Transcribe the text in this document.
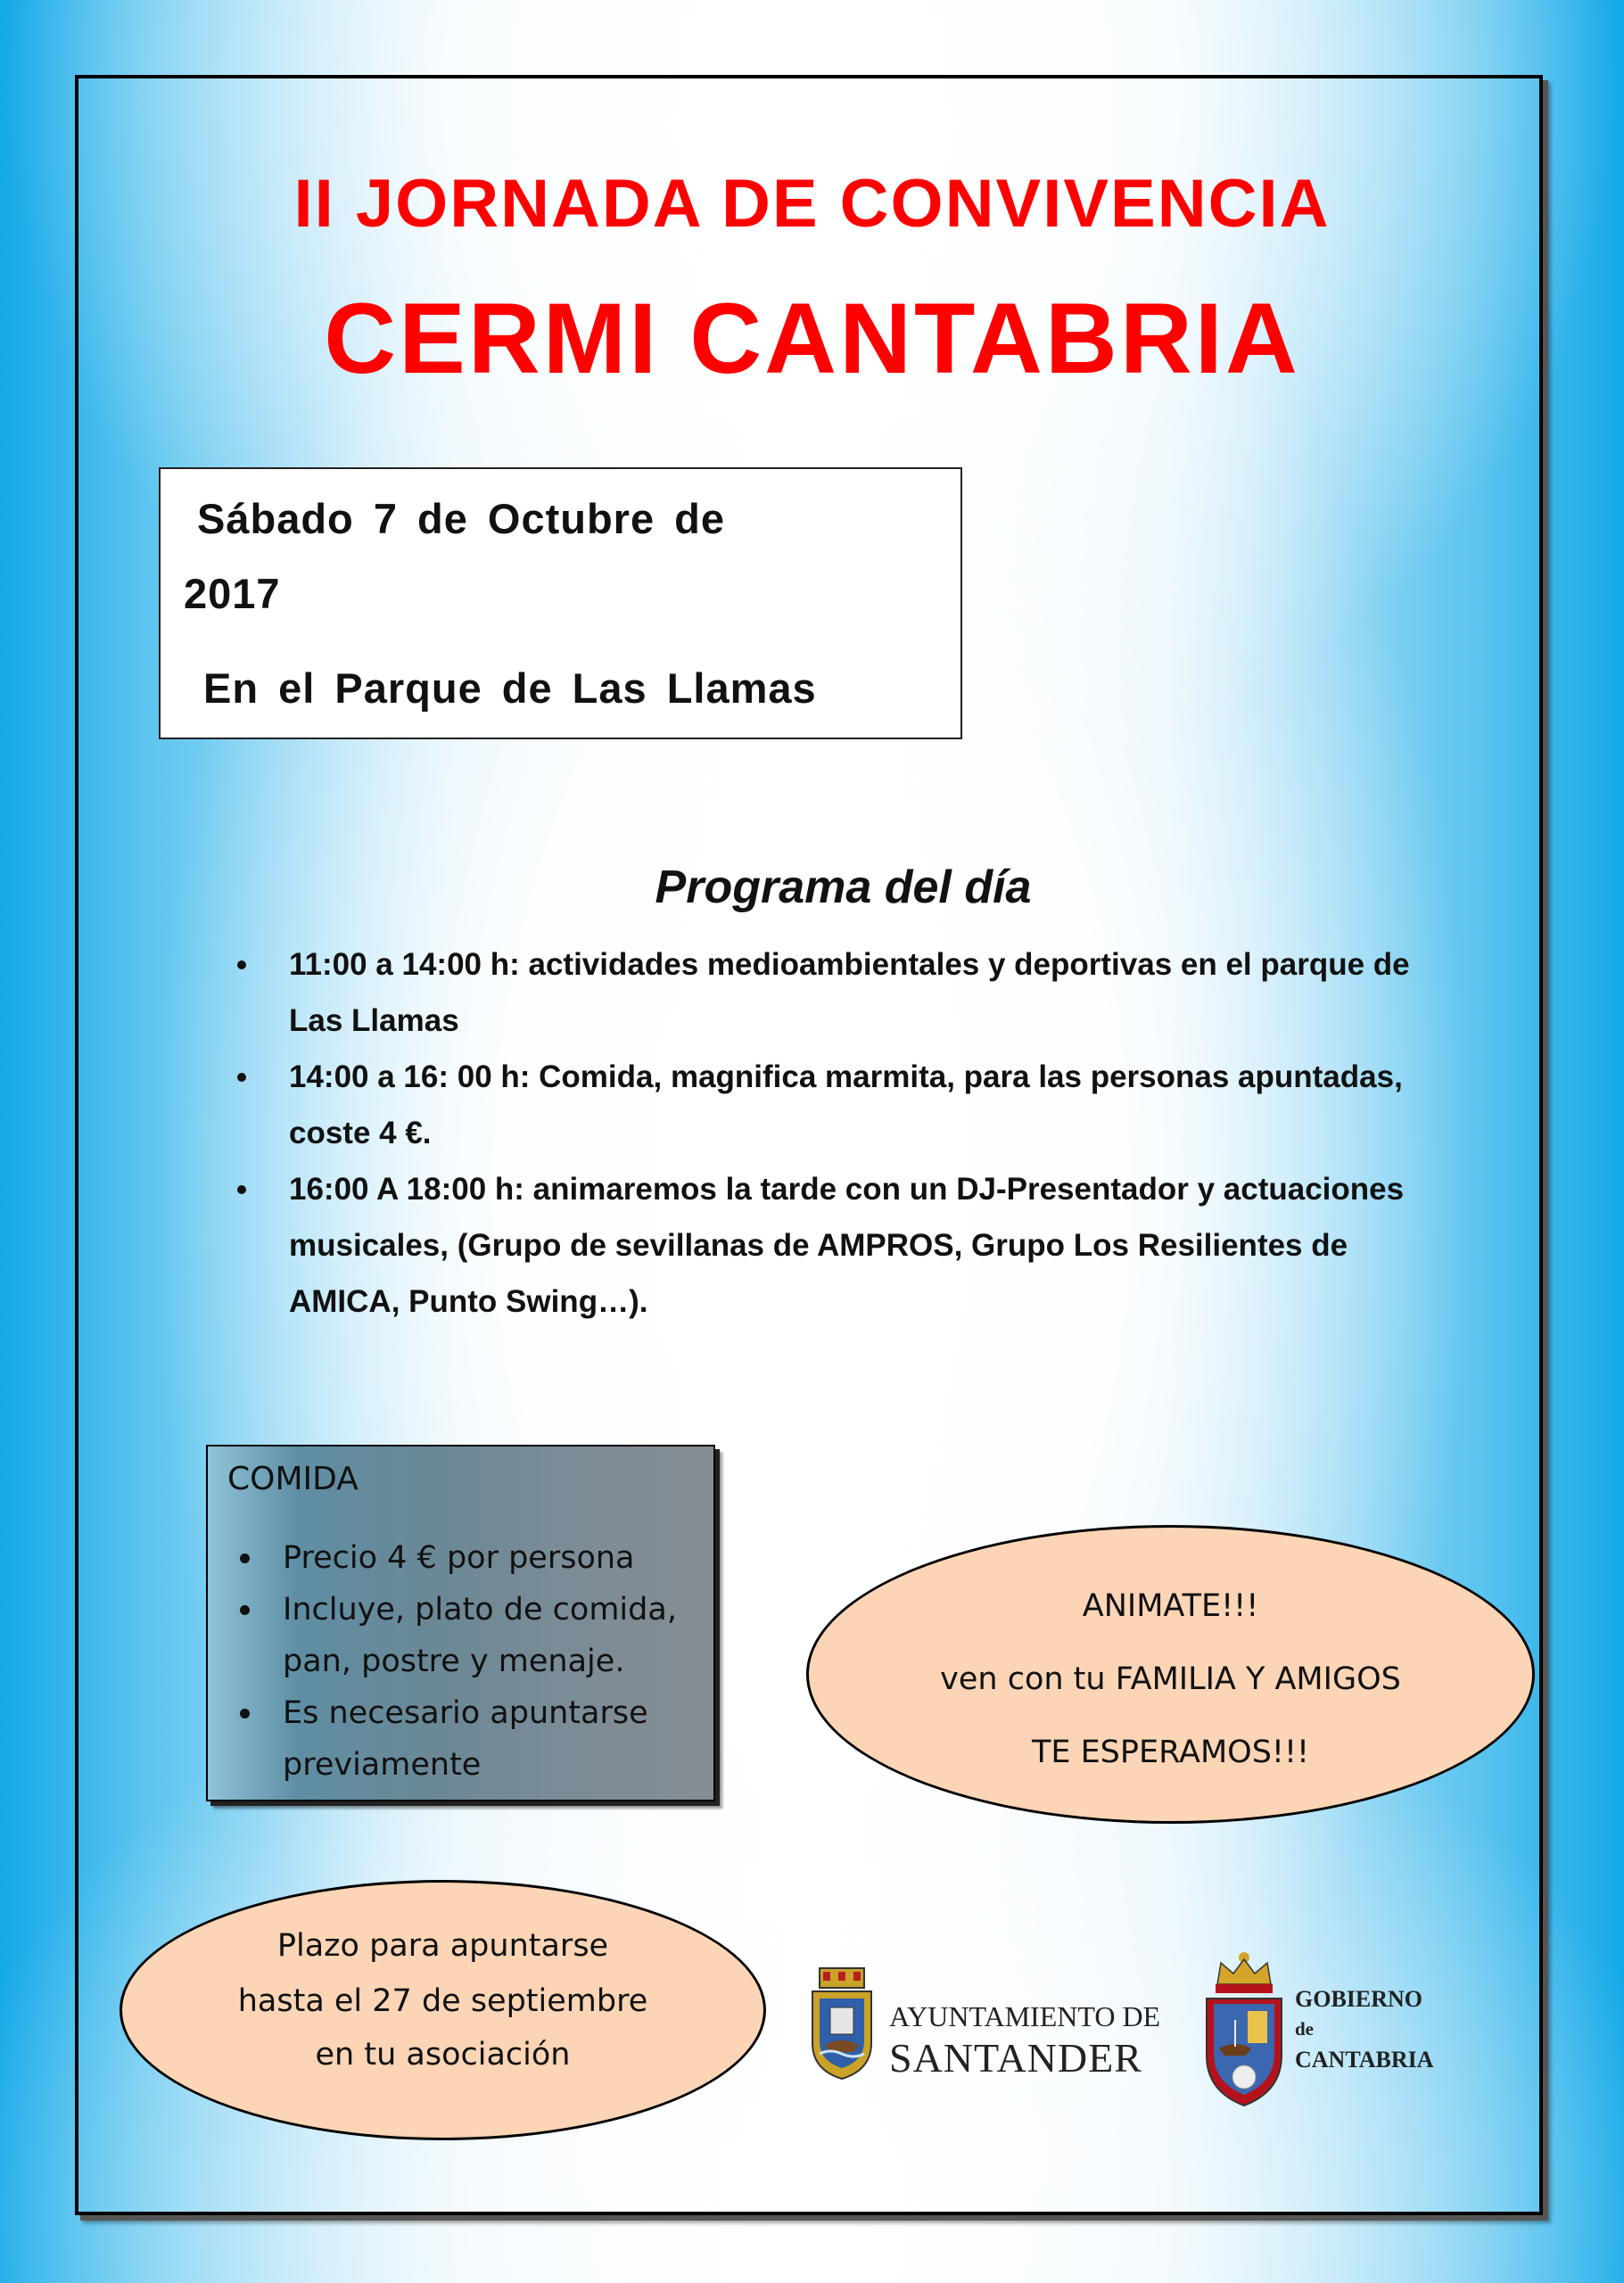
II JORNADA DE CONVIVENCIA
CERMI CANTABRIA
Sábado 7 de Octubre de
2017
En el Parque de Las Llamas
Programa del día
11:00 a 14:00 h: actividades medioambientales y deportivas en el parque de Las Llamas
14:00 a 16: 00 h: Comida, magnifica marmita, para las personas apuntadas, coste 4 €.
16:00 A 18:00 h: animaremos la tarde con un DJ-Presentador y actuaciones musicales, (Grupo de sevillanas de AMPROS, Grupo Los Resilientes de AMICA, Punto Swing…).
COMIDA
Precio 4 € por persona
Incluye, plato de comida, pan, postre y menaje.
Es necesario apuntarse previamente
ANIMATE!!!
ven con tu FAMILIA Y AMIGOS
TE ESPERAMOS!!!
Plazo para apuntarse
hasta el 27 de septiembre
en tu asociación
AYUNTAMIENTO DE
SANTANDER
GOBIERNO
de
CANTABRIA
